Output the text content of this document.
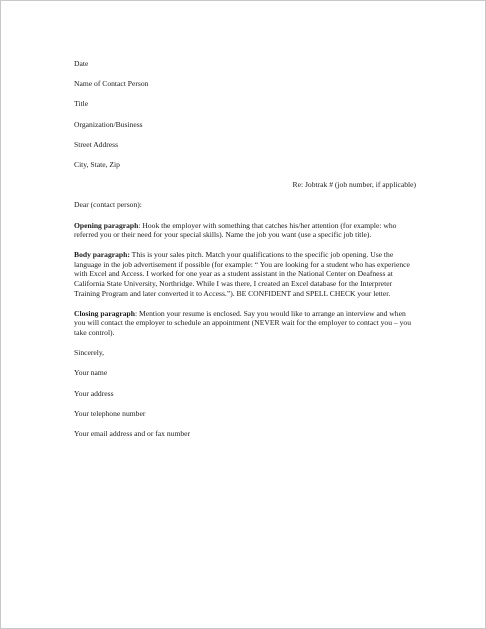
Date
Name of Contact Person
Title
Organization/Business
Street Address
City, State, Zip
Re: Jobtrak # (job number, if applicable)
Dear (contact person):

Opening paragraph: Hook the employer with something that catches his/her attention (for example: who referred you or their need for your special skills). Name the job you want (use a specific job title).

Body paragraph: This is your sales pitch. Match your qualifications to the specific job opening. Use the language in the job advertisement if possible (for example: “ You are looking for a student who has experience with Excel and Access. I worked for one year as a student assistant in the National Center on Deafness at California State University, Northridge. While I was there, I created an Excel database for the Interpreter Training Program and later converted it to Access.”). BE CONFIDENT and SPELL CHECK your letter.

Closing paragraph: Mention your resume is enclosed. Say you would like to arrange an interview and when you will contact the employer to schedule an appointment (NEVER wait for the employer to contact you – you take control).

Sincerely,
Your name
Your address
Your telephone number
Your email address and or fax number
